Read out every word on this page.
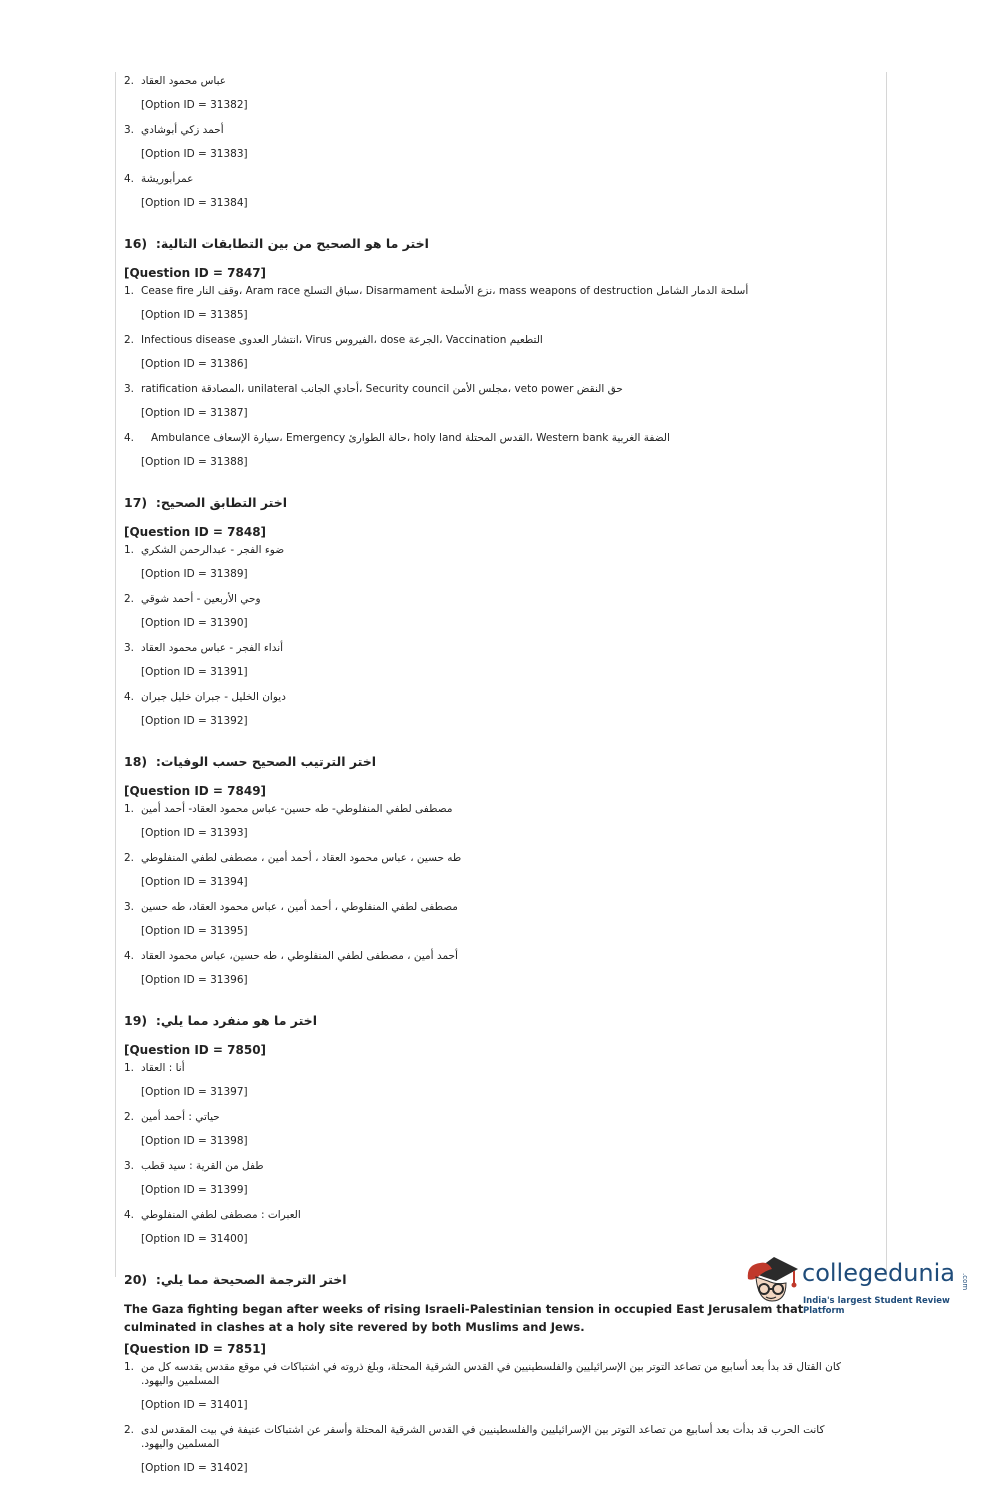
2. عباس محمود العقاد
[Option ID = 31382]
3. أحمد زكي أبوشادي
[Option ID = 31383]
4. عمرأبوريشة
[Option ID = 31384]
16) اختر ما هو الصحيح من بين التطابقات التالية:
[Question ID = 7847]
1. Cease fire وقف النار، Aram race سباق التسلح، Disarmament نزع الأسلحة، mass weapons of destruction أسلحة الدمار الشامل
[Option ID = 31385]
2. Infectious disease انتشار العدوى، Virus الفيروس، dose الجرعة، Vaccination التطعيم
[Option ID = 31386]
3. ratification المصادقة، unilateral أحادي الجانب، Security council مجلس الأمن، veto power حق النقض
[Option ID = 31387]
4. Ambulance سيارة الإسعاف، Emergency حالة الطوارئ، holy land القدس المحتلة، Western bank الضفة الغربية
[Option ID = 31388]
17) اختر التطابق الصحيح:
[Question ID = 7848]
1. ضوء الفجر - عبدالرحمن الشكري
[Option ID = 31389]
2. وحي الأربعين - أحمد شوقي
[Option ID = 31390]
3. أنداء الفجر - عباس محمود العقاد
[Option ID = 31391]
4. ديوان الخليل - جبران خليل جبران
[Option ID = 31392]
18) اختر الترتيب الصحيح حسب الوفيات:
[Question ID = 7849]
1. مصطفى لطفي المنفلوطي- طه حسين- عباس محمود العقاد- أحمد أمين
[Option ID = 31393]
2. طه حسين ، عباس محمود العقاد ، أحمد أمين ، مصطفى لطفي المنفلوطي
[Option ID = 31394]
3. مصطفى لطفي المنفلوطي ، أحمد أمين ، عباس محمود العقاد، طه حسين
[Option ID = 31395]
4. أحمد أمين ، مصطفى لطفي المنفلوطي ، طه حسين، عباس محمود العقاد
[Option ID = 31396]
19) اختر ما هو منفرد مما يلي:
[Question ID = 7850]
1. أنا : العقاد
[Option ID = 31397]
2. حياتي : أحمد أمين
[Option ID = 31398]
3. طفل من القرية : سيد قطب
[Option ID = 31399]
4. العبرات : مصطفى لطفي المنفلوطي
[Option ID = 31400]
20) اختر الترجمة الصحيحة مما يلي:
The Gaza fighting began after weeks of rising Israeli-Palestinian tension in occupied East Jerusalem that culminated in clashes at a holy site revered by both Muslims and Jews.
[Question ID = 7851]
1. كان القتال قد بدأ بعد أسابيع من تصاعد التوتر بين الإسرائيليين والفلسطينيين في القدس الشرقية المحتلة، وبلغ ذروته في اشتباكات في موقع مقدس يقدسه كل من المسلمين واليهود.
[Option ID = 31401]
2. كانت الحرب قد بدأت بعد أسابيع من تصاعد التوتر بين الإسرائيليين والفلسطينيين في القدس الشرقية المحتلة وأسفر عن اشتباكات عنيفة في بيت المقدس لدى المسلمين واليهود.
[Option ID = 31402]
collegedunia .com
India's largest Student Review Platform
